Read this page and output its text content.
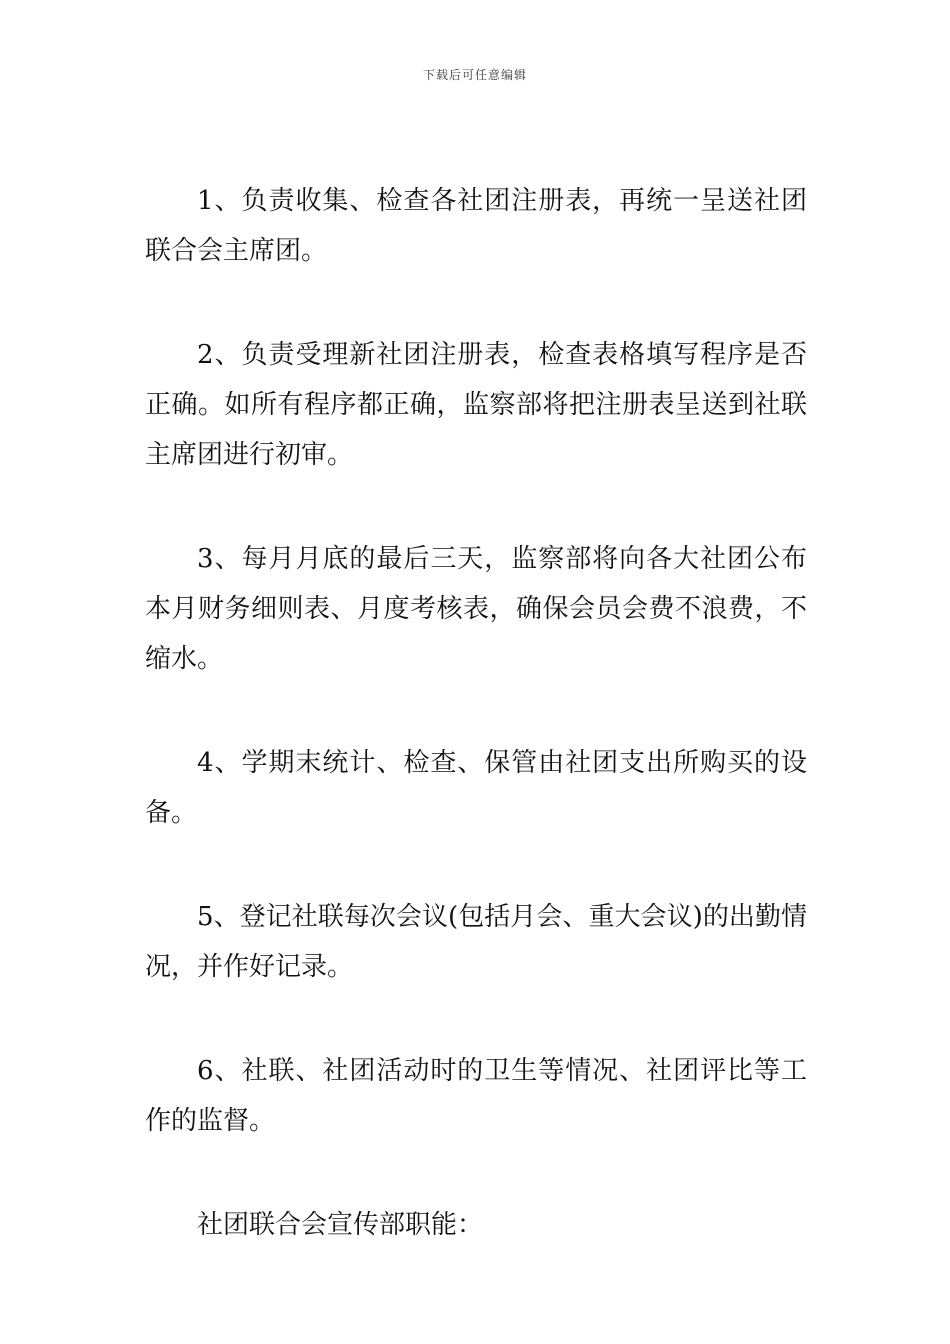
下载后可任意编辑

1、负责收集、检查各社团注册表，再统一呈送社团联合会主席团。

2、负责受理新社团注册表，检查表格填写程序是否正确。如所有程序都正确，监察部将把注册表呈送到社联主席团进行初审。

3、每月月底的最后三天，监察部将向各大社团公布本月财务细则表、月度考核表，确保会员会费不浪费，不缩水。

4、学期末统计、检查、保管由社团支出所购买的设备。

5、登记社联每次会议(包括月会、重大会议)的出勤情况，并作好记录。

6、社联、社团活动时的卫生等情况、社团评比等工作的监督。

社团联合会宣传部职能：
